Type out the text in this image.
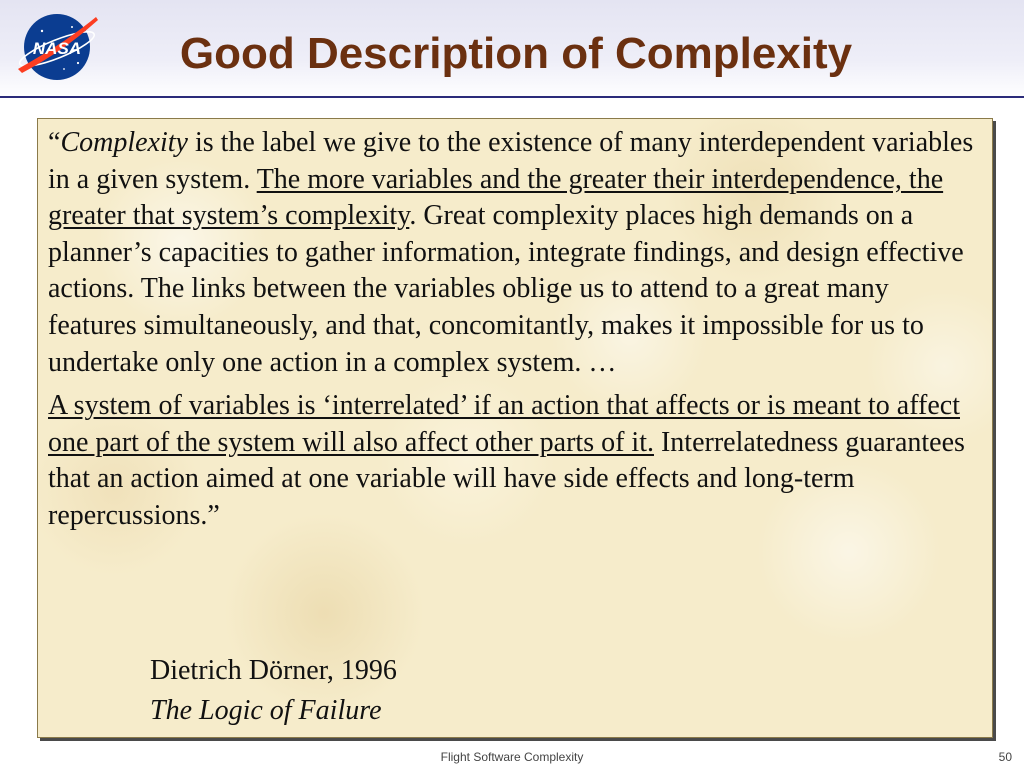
NASA	Good Description of Complexity

“Complexity is the label we give to the existence of many interdependent variables in a given system. The more variables and the greater their interdependence, the greater that system’s complexity. Great complexity places high demands on a planner’s capacities to gather information, integrate findings, and design effective actions. The links between the variables oblige us to attend to a great many features simultaneously, and that, concomitantly, makes it impossible for us to undertake only one action in a complex system. …

A system of variables is ‘interrelated’ if an action that affects or is meant to affect one part of the system will also affect other parts of it. Interrelatedness guarantees that an action aimed at one variable will have side effects and long-term repercussions.”

Dietrich Dörner, 1996
The Logic of Failure
Flight Software Complexity	50
